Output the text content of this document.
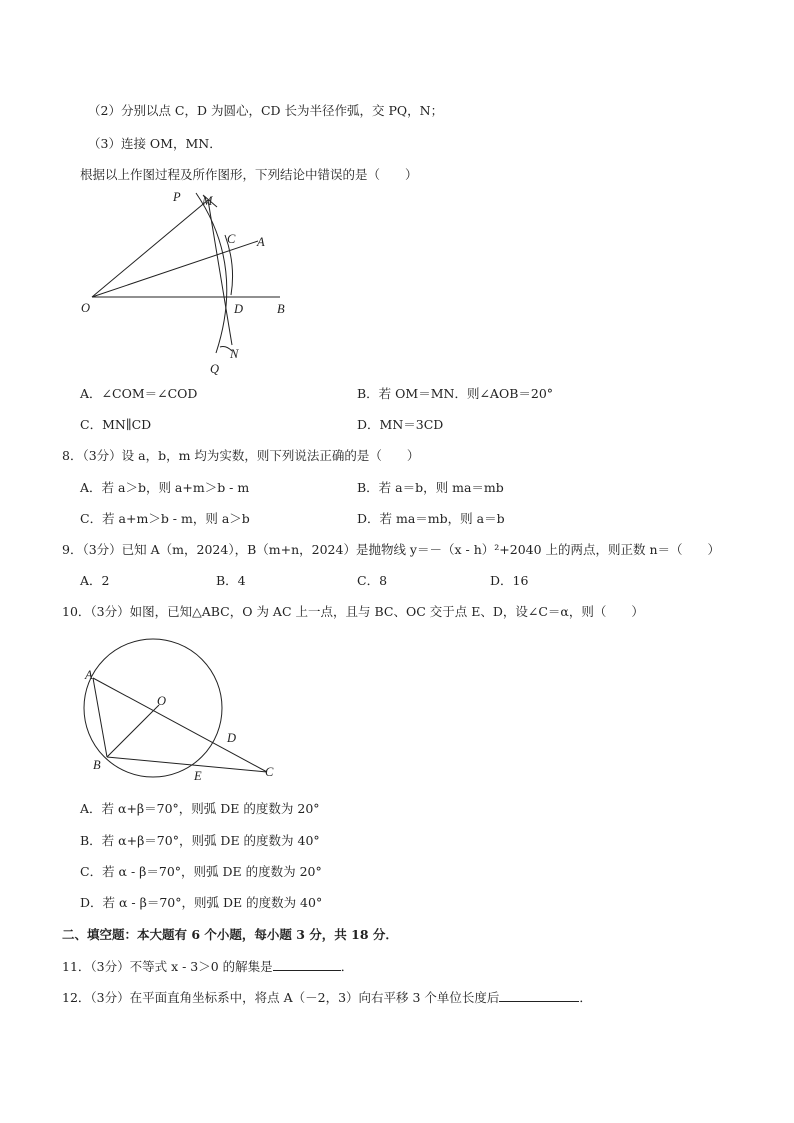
（2）分别以点 C，D 为圆心，CD 长为半径作弧，交 PQ，N；
（3）连接 OM，MN．
根据以上作图过程及所作图形，下列结论中错误的是（　　）
P M
C A
O	D	B
Q
N
A．∠COM＝∠COD	B．若 OM＝MN．则∠AOB＝20°
C．MN∥CD	D．MN＝3CD
8．（3分）设 a，b，m 均为实数，则下列说法正确的是（　　）
A．若 a＞b，则 a+m＞b - m	B．若 a＝b，则 ma＝mb
C．若 a+m＞b - m，则 a＞b	D．若 ma＝mb，则 a＝b
9．（3分）已知 A（m，2024），B（m+n，2024）是抛物线 y＝－（x - h）²+2040 上的两点，则正数 n＝（　　）
A．2	B．4	C．8	D．16
10．（3分）如图，已知△ABC，O 为 AC 上一点，且与 BC、OC 交于点 E、D，设∠C＝α，则（　　）
A
O
D
B
E	C
A．若 α+β＝70°，则弧 DE 的度数为 20°
B．若 α+β＝70°，则弧 DE 的度数为 40°
C．若 α - β＝70°，则弧 DE 的度数为 20°
D．若 α - β＝70°，则弧 DE 的度数为 40°
二、填空题：本大题有 6 个小题，每小题 3 分，共 18 分．
11．（3分）不等式 x - 3＞0 的解集是	．
12．（3分）在平面直角坐标系中，将点 A（－2，3）向右平移 3 个单位长度后	．
